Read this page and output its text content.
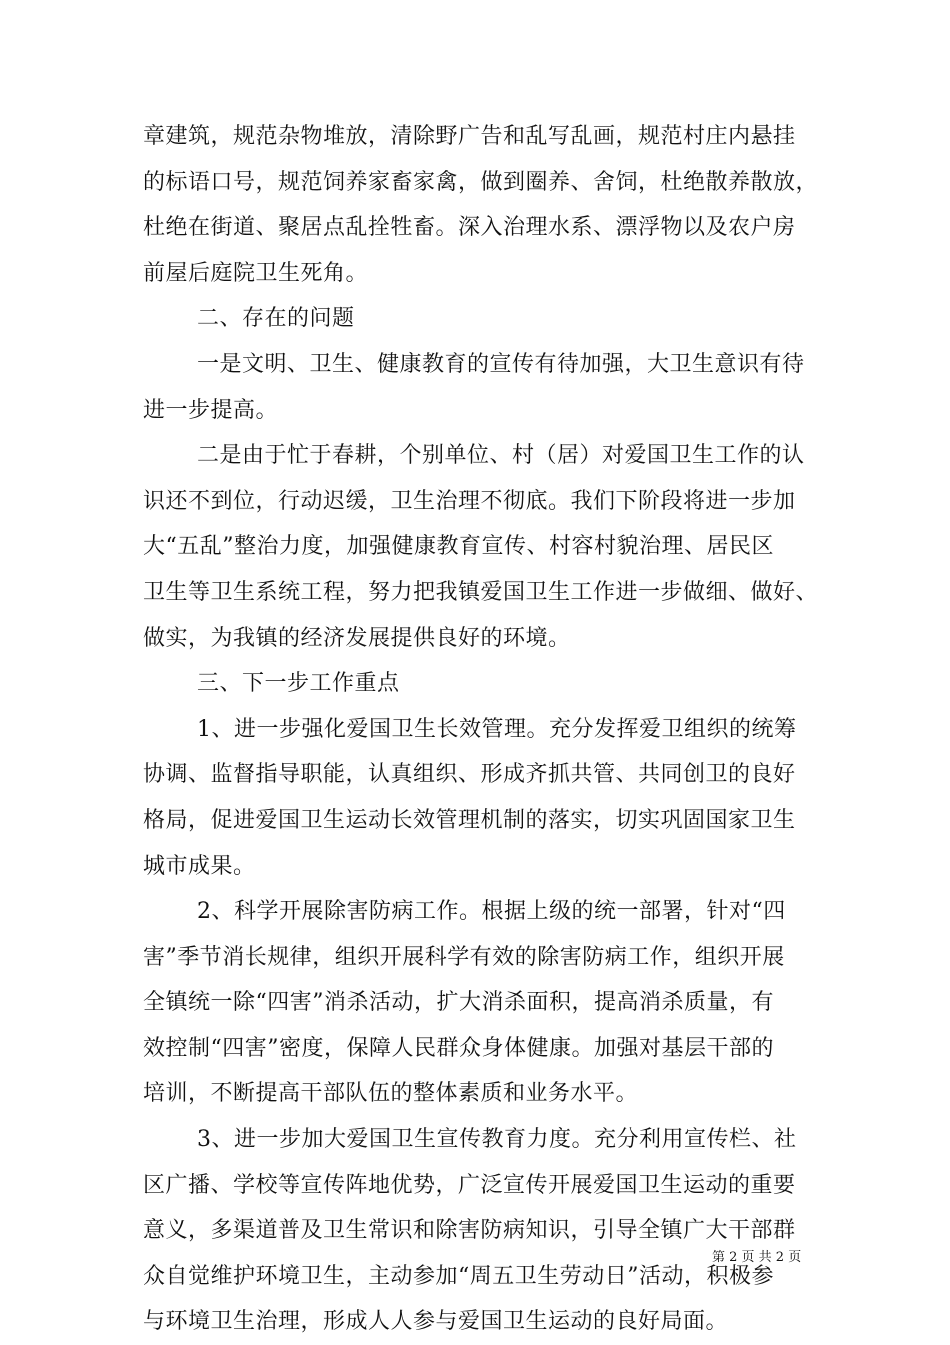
章建筑，规范杂物堆放，清除野广告和乱写乱画，规范村庄内悬挂
的标语口号，规范饲养家畜家禽，做到圈养、舍饲，杜绝散养散放，
杜绝在街道、聚居点乱拴牲畜。深入治理水系、漂浮物以及农户房
前屋后庭院卫生死角。
二、存在的问题
一是文明、卫生、健康教育的宣传有待加强，大卫生意识有待
进一步提高。
二是由于忙于春耕，个别单位、村（居）对爱国卫生工作的认
识还不到位，行动迟缓，卫生治理不彻底。我们下阶段将进一步加
大“五乱”整治力度，加强健康教育宣传、村容村貌治理、居民区
卫生等卫生系统工程，努力把我镇爱国卫生工作进一步做细、做好、
做实，为我镇的经济发展提供良好的环境。
三、下一步工作重点
1、进一步强化爱国卫生长效管理。充分发挥爱卫组织的统筹
协调、监督指导职能，认真组织、形成齐抓共管、共同创卫的良好
格局，促进爱国卫生运动长效管理机制的落实，切实巩固国家卫生
城市成果。
2、科学开展除害防病工作。根据上级的统一部署，针对“四
害”季节消长规律，组织开展科学有效的除害防病工作，组织开展
全镇统一除“四害”消杀活动，扩大消杀面积，提高消杀质量，有
效控制“四害”密度，保障人民群众身体健康。加强对基层干部的
培训，不断提高干部队伍的整体素质和业务水平。
3、进一步加大爱国卫生宣传教育力度。充分利用宣传栏、社
区广播、学校等宣传阵地优势，广泛宣传开展爱国卫生运动的重要
意义，多渠道普及卫生常识和除害防病知识，引导全镇广大干部群
众自觉维护环境卫生，主动参加“周五卫生劳动日”活动，积极参
与环境卫生治理，形成人人参与爱国卫生运动的良好局面。
第 2 页 共 2 页
